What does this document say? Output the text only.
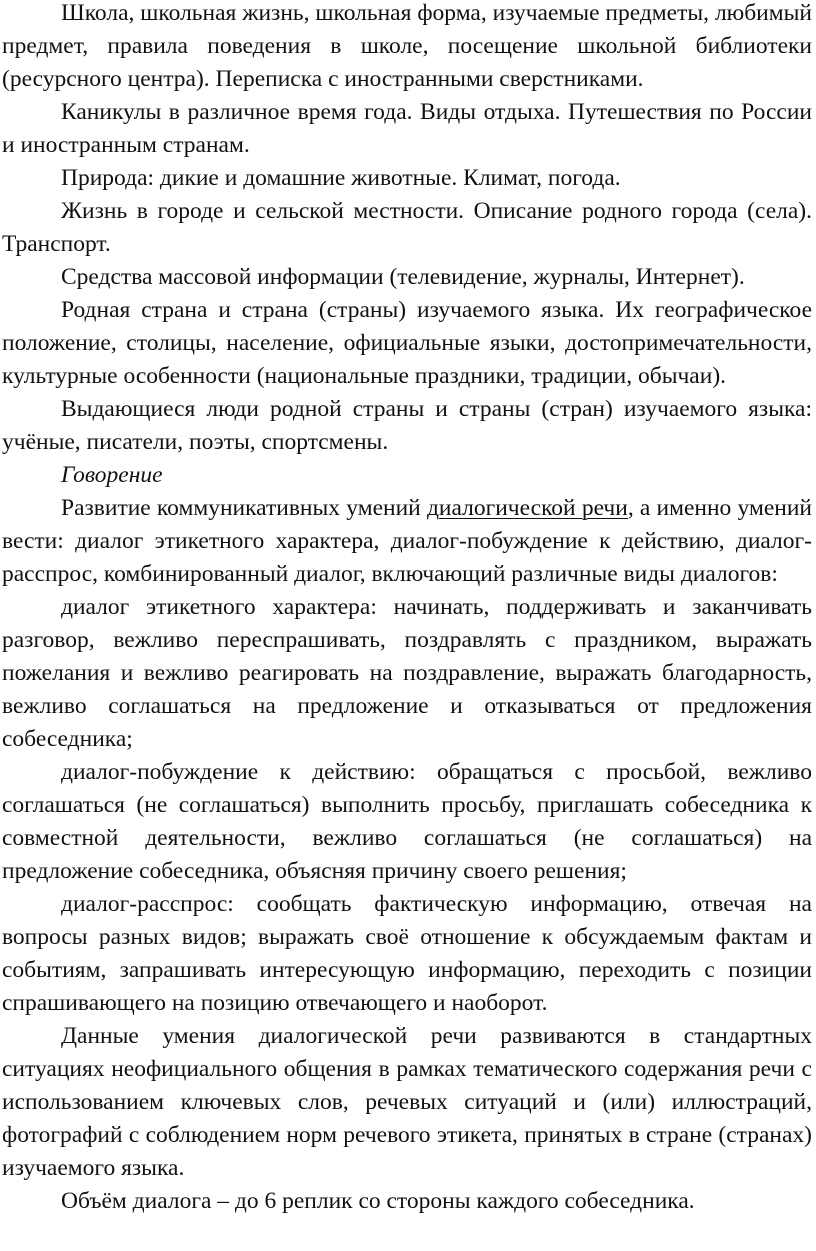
Школа, школьная жизнь, школьная форма, изучаемые предметы, любимый предмет, правила поведения в школе, посещение школьной библиотеки (ресурсного центра). Переписка с иностранными сверстниками.

Каникулы в различное время года. Виды отдыха. Путешествия по России и иностранным странам.

Природа: дикие и домашние животные. Климат, погода.

Жизнь в городе и сельской местности. Описание родного города (села). Транспорт.

Средства массовой информации (телевидение, журналы, Интернет).

Родная страна и страна (страны) изучаемого языка. Их географическое положение, столицы, население, официальные языки, достопримечательности, культурные особенности (национальные праздники, традиции, обычаи).

Выдающиеся люди родной страны и страны (стран) изучаемого языка: учёные, писатели, поэты, спортсмены.

Говорение

Развитие коммуникативных умений диалогической речи, а именно умений вести: диалог этикетного характера, диалог-побуждение к действию, диалог-расспрос, комбинированный диалог, включающий различные виды диалогов:

диалог этикетного характера: начинать, поддерживать и заканчивать разговор, вежливо переспрашивать, поздравлять с праздником, выражать пожелания и вежливо реагировать на поздравление, выражать благодарность, вежливо соглашаться на предложение и отказываться от предложения собеседника;

диалог-побуждение к действию: обращаться с просьбой, вежливо соглашаться (не соглашаться) выполнить просьбу, приглашать собеседника к совместной деятельности, вежливо соглашаться (не соглашаться) на предложение собеседника, объясняя причину своего решения;

диалог-расспрос: сообщать фактическую информацию, отвечая на вопросы разных видов; выражать своё отношение к обсуждаемым фактам и событиям, запрашивать интересующую информацию, переходить с позиции спрашивающего на позицию отвечающего и наоборот.

Данные умения диалогической речи развиваются в стандартных ситуациях неофициального общения в рамках тематического содержания речи с использованием ключевых слов, речевых ситуаций и (или) иллюстраций, фотографий с соблюдением норм речевого этикета, принятых в стране (странах) изучаемого языка.

Объём диалога – до 6 реплик со стороны каждого собеседника.
